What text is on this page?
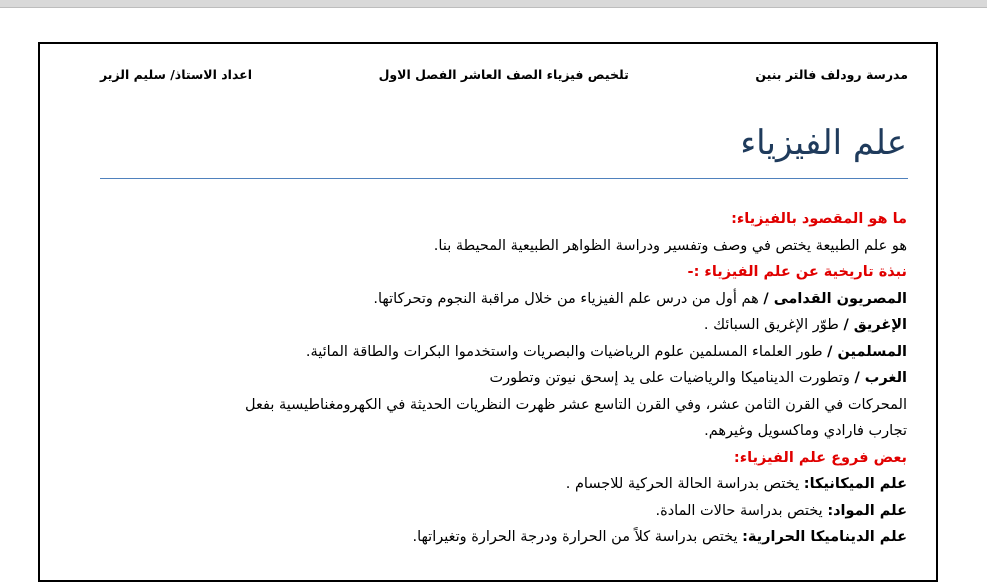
مدرسة رودلف فالتر بنين
تلخيص فيزياء الصف العاشر الفصل الاول
اعداد الاستاذ/ سليم الزير
علم الفيزياء
ما هو المقصود بالفيزياء:
هو علم الطبيعة يختص في وصف وتفسير ودراسة الظواهر الطبيعية المحيطة بنا.
نبذة تاريخية عن علم الفيزياء :-
المصريون القدامى / هم أول من درس علم الفيزياء من خلال مراقبة النجوم وتحركاتها.
الإغريق / طوّر الإغريق السبائك .
المسلمين / طور العلماء المسلمين علوم الرياضيات والبصريات واستخدموا البكرات والطاقة المائية.
الغرب / وتطورت الديناميكا والرياضيات على يد إسحق نيوتن وتطورت
المحركات في القرن الثامن عشر، وفي القرن التاسع عشر ظهرت النظريات الحديثة في الكهرومغناطيسية بفعل
تجارب فارادي وماكسويل وغيرهم.
بعض فروع علم الفيزياء:
علم الميكانيكا: يختص بدراسة الحالة الحركية للاجسام .
علم المواد: يختص بدراسة حالات المادة.
علم الديناميكا الحرارية: يختص بدراسة كلاً من الحرارة ودرجة الحرارة وتغيراتها.
